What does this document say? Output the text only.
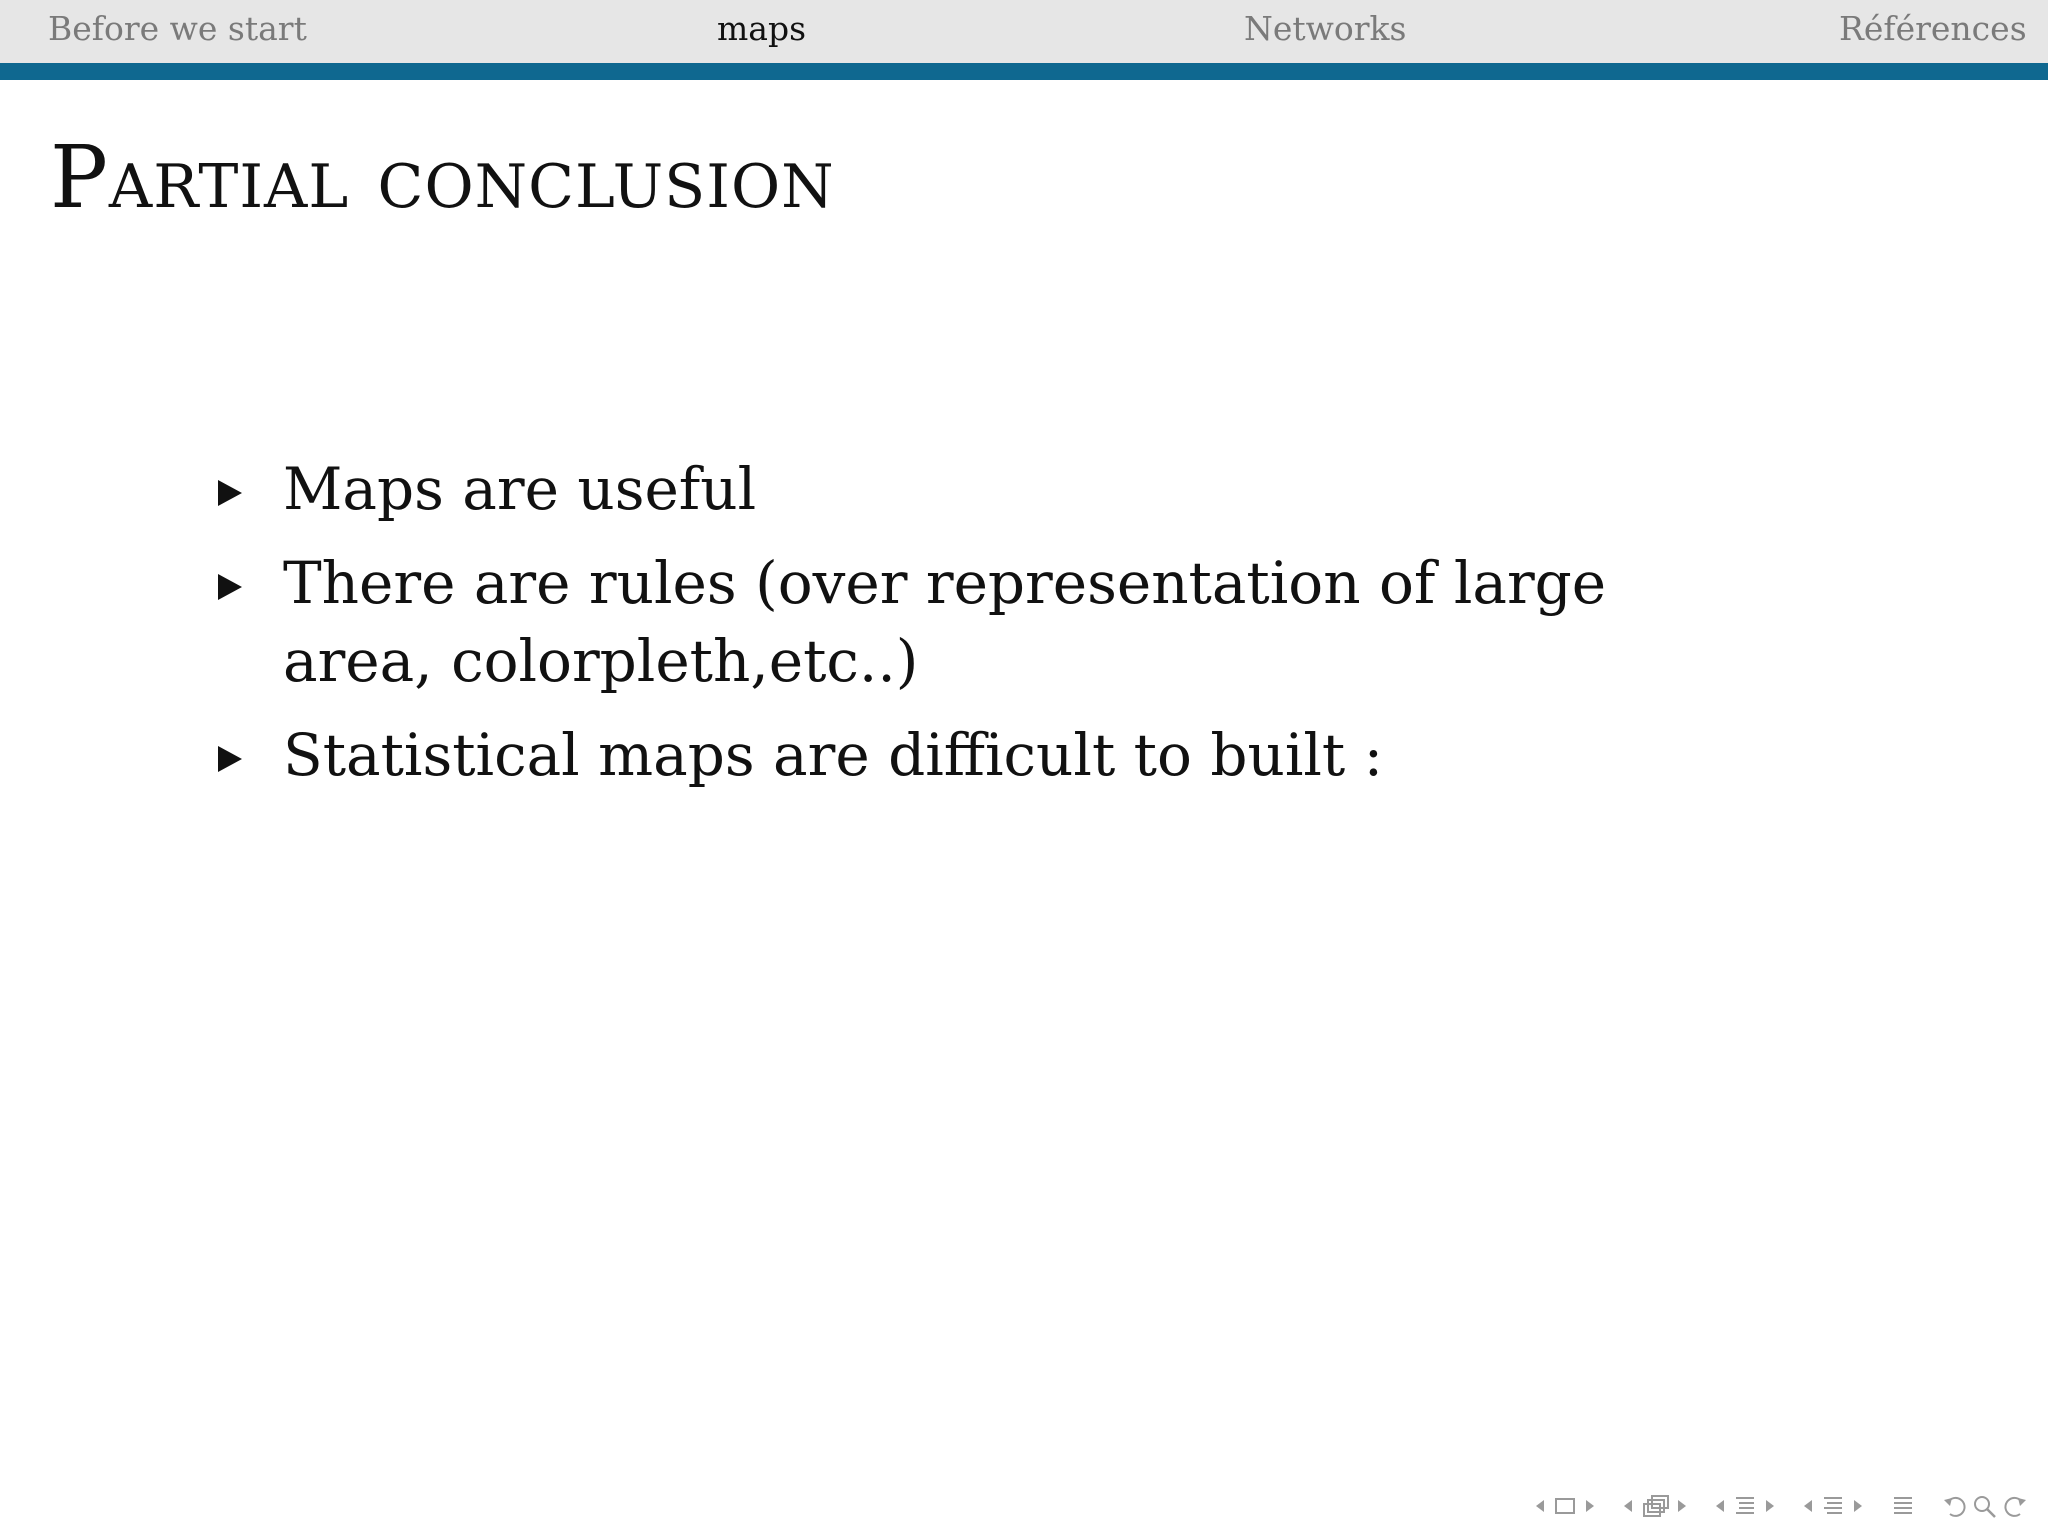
Before we start	maps	Networks	Références
Partial conclusion
Maps are useful
There are rules (over representation of large area, colorpleth,etc..)
Statistical maps are difficult to built :
